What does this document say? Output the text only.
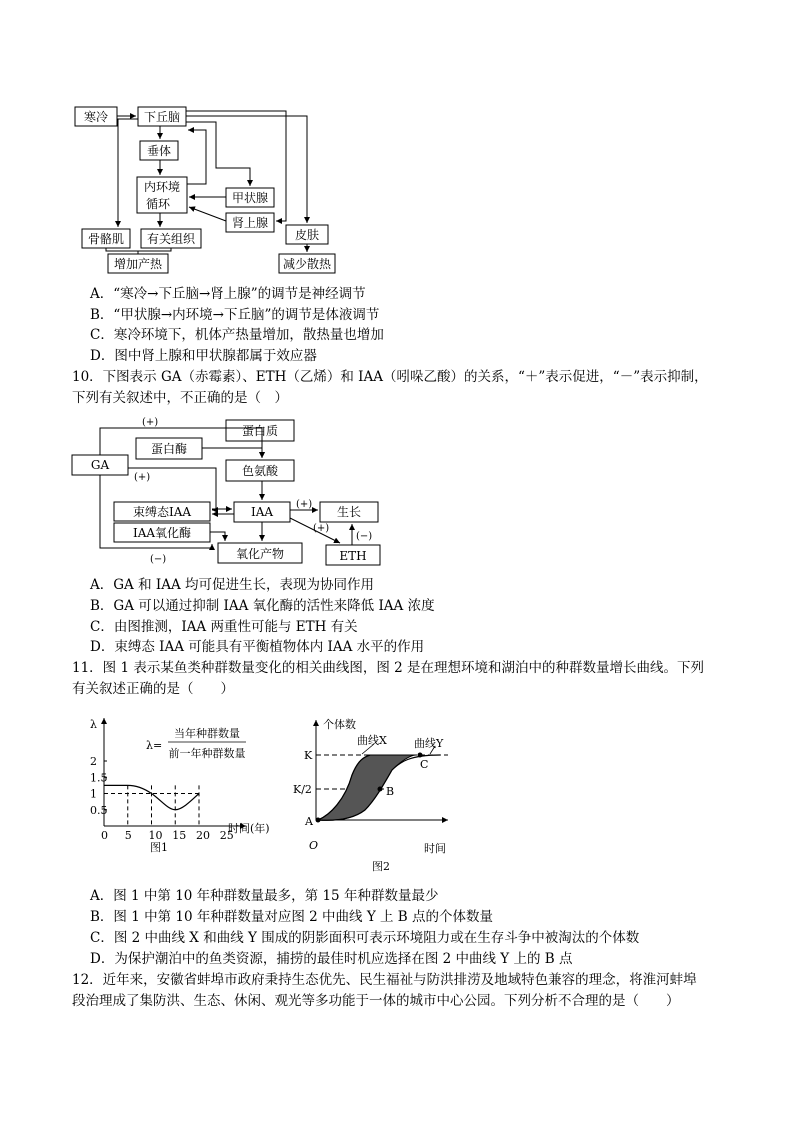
寒冷	下丘脑
垂体
内环境
循环	甲状腺
肾上腺
皮肤
骨骼肌 有关组织
增加产热	减少散热
GA
蛋白酶
蛋白质
色氨酸
束缚态IAA	IAA	生长
IAA氧化酶
氧化产物	ETH
(+)
(+)
(+)
(+)
(−)
(−)
2
1.5
1
0.5
0 5 10 15 20 25
λ
λ=
当年种群数量
前一年种群数量
时间(年)
图1
个体数
曲线X 曲线Y
K
K/2
A
B
C
O	时间
图2
A．“寒冷→下丘脑→肾上腺”的调节是神经调节
B．“甲状腺→内环境→下丘脑”的调节是体液调节
C．寒冷环境下，机体产热量增加，散热量也增加
D．图中肾上腺和甲状腺都属于效应器
10．下图表示 GA（赤霉素）、ETH（乙烯）和 IAA（吲哚乙酸）的关系，“＋”表示促进，“－”表示抑制，
下列有关叙述中，不正确的是（　）
A．GA 和 IAA 均可促进生长，表现为协同作用
B．GA 可以通过抑制 IAA 氧化酶的活性来降低 IAA 浓度
C．由图推测，IAA 两重性可能与 ETH 有关
D．束缚态 IAA 可能具有平衡植物体内 IAA 水平的作用
11．图 1 表示某鱼类种群数量变化的相关曲线图，图 2 是在理想环境和湖泊中的种群数量增长曲线。下列
有关叙述正确的是（　　）
A．图 1 中第 10 年种群数量最多，第 15 年种群数量最少
B．图 1 中第 10 年种群数量对应图 2 中曲线 Y 上 B 点的个体数量
C．图 2 中曲线 X 和曲线 Y 围成的阴影面积可表示环境阻力或在生存斗争中被淘汰的个体数
D．为保护潮泊中的鱼类资源，捕捞的最佳时机应选择在图 2 中曲线 Y 上的 B 点
12．近年来，安徽省蚌埠市政府秉持生态优先、民生福祉与防洪排涝及地域特色兼容的理念，将淮河蚌埠
段治理成了集防洪、生态、休闲、观光等多功能于一体的城市中心公园。下列分析不合理的是（　　）
